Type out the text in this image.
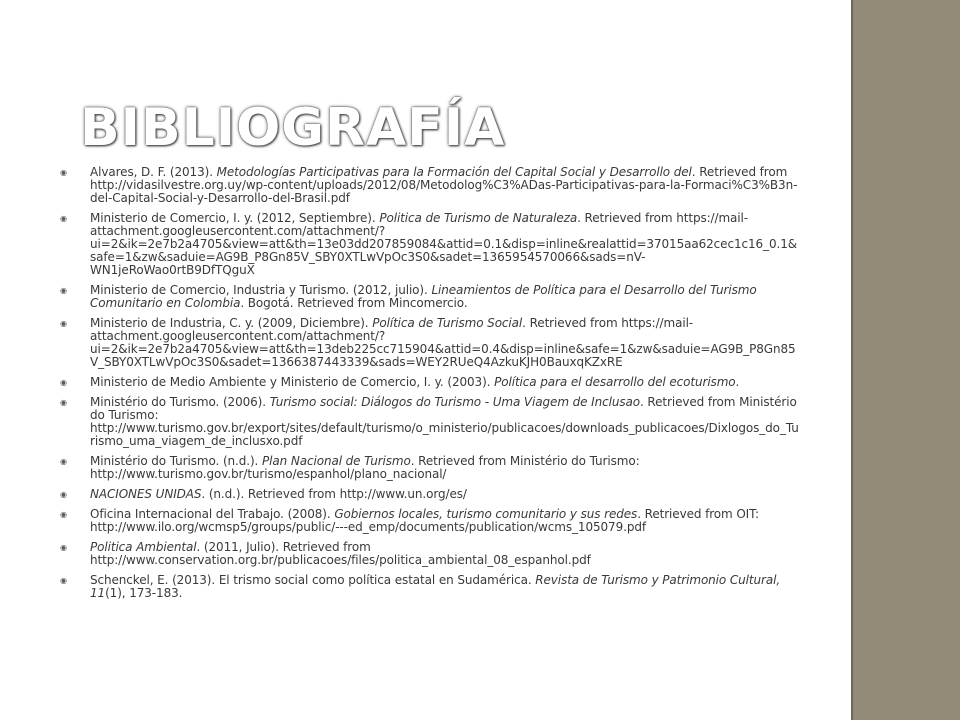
BIBLIOGRAFÍA
◉ Alvares, D. F. (2013). Metodologías Participativas para la Formación del Capital Social y Desarrollo del. Retrieved from http://vidasilvestre.org.uy/wp-content/uploads/2012/08/Metodolog%C3%ADas-Participativas-para-la-Formaci%C3%B3n-del-Capital-Social-y-Desarrollo-del-Brasil.pdf
◉ Ministerio de Comercio, I. y. (2012, Septiembre). Politica de Turismo de Naturaleza. Retrieved from https://mail-attachment.googleusercontent.com/attachment/?ui=2&ik=2e7b2a4705&view=att&th=13e03dd207859084&attid=0.1&disp=inline&realattid=37015aa62cec1c16_0.1&safe=1&zw&saduie=AG9B_P8Gn85V_SBY0XTLwVpOc3S0&sadet=1365954570066&sads=nV-WN1jeRoWao0rtB9DfTQguX
◉ Ministerio de Comercio, Industria y Turismo. (2012, julio). Lineamientos de Política para el Desarrollo del Turismo Comunitario en Colombia. Bogotá. Retrieved from Mincomercio.
◉ Ministerio de Industria, C. y. (2009, Diciembre). Política de Turismo Social. Retrieved from https://mail-attachment.googleusercontent.com/attachment/?ui=2&ik=2e7b2a4705&view=att&th=13deb225cc715904&attid=0.4&disp=inline&safe=1&zw&saduie=AG9B_P8Gn85V_SBY0XTLwVpOc3S0&sadet=1366387443339&sads=WEY2RUeQ4AzkuKJH0BauxqKZxRE
◉ Ministerio de Medio Ambiente y Ministerio de Comercio, I. y. (2003). Política para el desarrollo del ecoturismo.
◉ Ministério do Turismo. (2006). Turismo social: Diálogos do Turismo - Uma Viagem de Inclusao. Retrieved from Ministério do Turismo: http://www.turismo.gov.br/export/sites/default/turismo/o_ministerio/publicacoes/downloads_publicacoes/Dixlogos_do_Turismo_uma_viagem_de_inclusxo.pdf
◉ Ministério do Turismo. (n.d.). Plan Nacional de Turismo. Retrieved from Ministério do Turismo: http://www.turismo.gov.br/turismo/espanhol/plano_nacional/
◉ NACIONES UNIDAS. (n.d.). Retrieved from http://www.un.org/es/
◉ Oficina Internacional del Trabajo. (2008). Gobiernos locales, turismo comunitario y sus redes. Retrieved from OIT: http://www.ilo.org/wcmsp5/groups/public/---ed_emp/documents/publication/wcms_105079.pdf
◉ Politica Ambiental. (2011, Julio). Retrieved from http://www.conservation.org.br/publicacoes/files/politica_ambiental_08_espanhol.pdf
◉ Schenckel, E. (2013). El trismo social como política estatal en Sudamérica. Revista de Turismo y Patrimonio Cultural, 11(1), 173-183.
